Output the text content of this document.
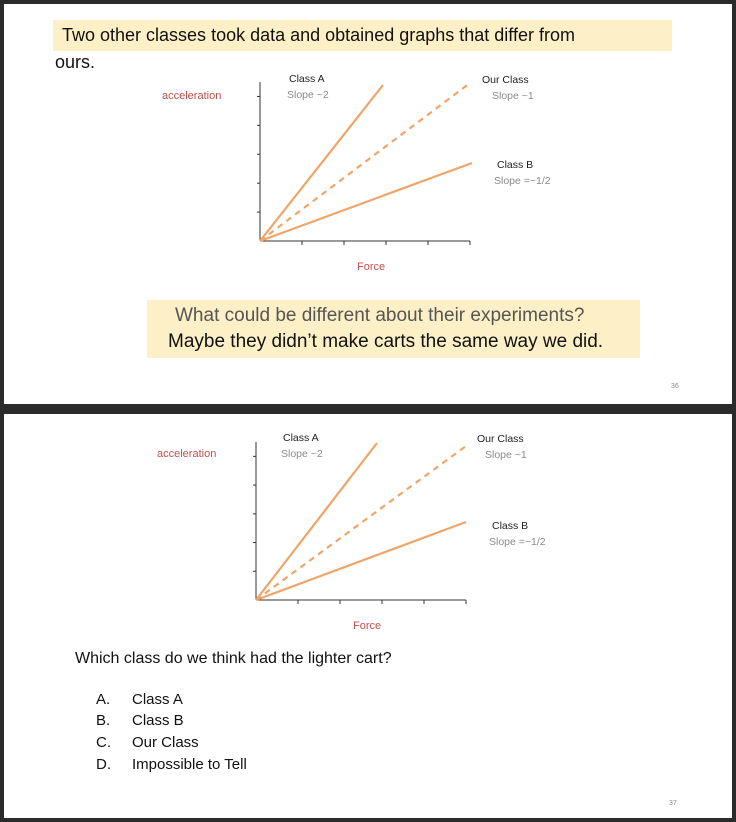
Two other classes took data and obtained graphs that differ from
ours.
Class A
Slope ~2
Our Class
Slope ~1
Class B
Slope =~1/2
acceleration
Force
What could be different about their experiments?
Maybe they didn’t make carts the same way we did.
36
Class A
Slope ~2
Our Class
Slope ~1
Class B
Slope =~1/2
acceleration
Force
Which class do we think had the lighter cart?
A. Class A
B. Class B
C. Our Class
D. Impossible to Tell
37
